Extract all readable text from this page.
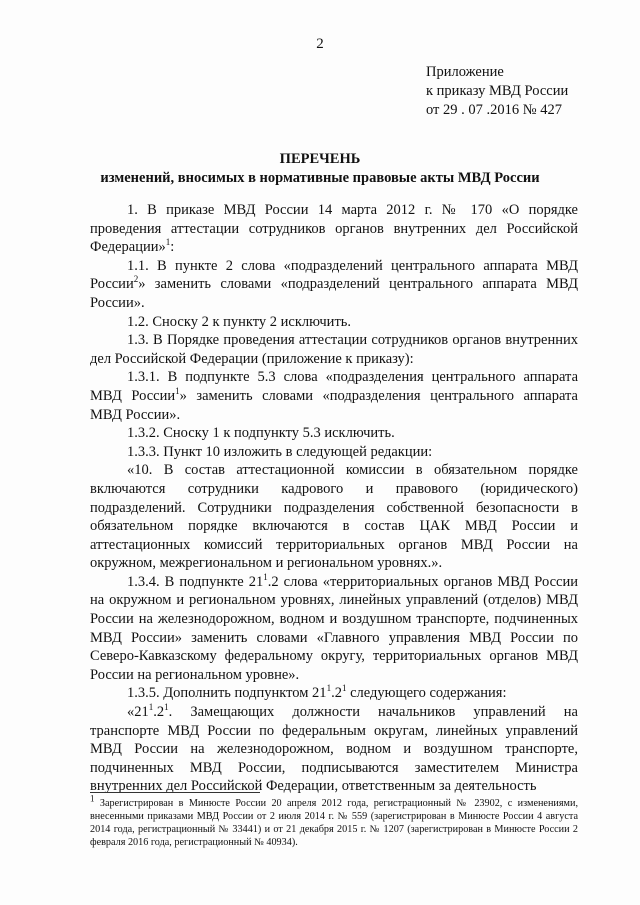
2
Приложение
к приказу МВД России
от 29 . 07 .2016 № 427
ПЕРЕЧЕНЬ
изменений, вносимых в нормативные правовые акты МВД России

1. В приказе МВД России 14 марта 2012 г. № 170 «О порядке проведения аттестации сотрудников органов внутренних дел Российской Федерации»$^1$:

1.1. В пункте 2 слова «подразделений центрального аппарата МВД России$^2$» заменить словами «подразделений центрального аппарата МВД России».

1.2. Сноску 2 к пункту 2 исключить.

1.3. В Порядке проведения аттестации сотрудников органов внутренних дел Российской Федерации (приложение к приказу):

1.3.1. В подпункте 5.3 слова «подразделения центрального аппарата МВД России$^1$» заменить словами «подразделения центрального аппарата МВД России».

1.3.2. Сноску 1 к подпункту 5.3 исключить.

1.3.3. Пункт 10 изложить в следующей редакции:

«10. В состав аттестационной комиссии в обязательном порядке включаются сотрудники кадрового и правового (юридического) подразделений. Сотрудники подразделения собственной безопасности в обязательном порядке включаются в состав ЦАК МВД России и аттестационных комиссий территориальных органов МВД России на окружном, межрегиональном и региональном уровнях.».

1.3.4. В подпункте $21^1.2$ слова «территориальных органов МВД России на окружном и региональном уровнях, линейных управлений (отделов) МВД России на железнодорожном, водном и воздушном транспорте, подчиненных МВД России» заменить словами «Главного управления МВД России по Северо-Кавказскому федеральному округу, территориальных органов МВД России на региональном уровне».

1.3.5. Дополнить подпунктом $21^1.2^1$ следующего содержания:

«$21^1.2^1$. Замещающих должности начальников управлений на транспорте МВД России по федеральным округам, линейных управлений МВД России на железнодорожном, водном и воздушном транспорте, подчиненных МВД России, подписываются заместителем Министра внутренних дел Российской Федерации, ответственным за деятельность

$^1$ Зарегистрирован в Минюсте России 20 апреля 2012 года, регистрационный № 23902, с изменениями, внесенными приказами МВД России от 2 июля 2014 г. № 559 (зарегистрирован в Минюсте России 4 августа 2014 года, регистрационный № 33441) и от 21 декабря 2015 г. № 1207 (зарегистрирован в Минюсте России 2 февраля 2016 года, регистрационный № 40934).
